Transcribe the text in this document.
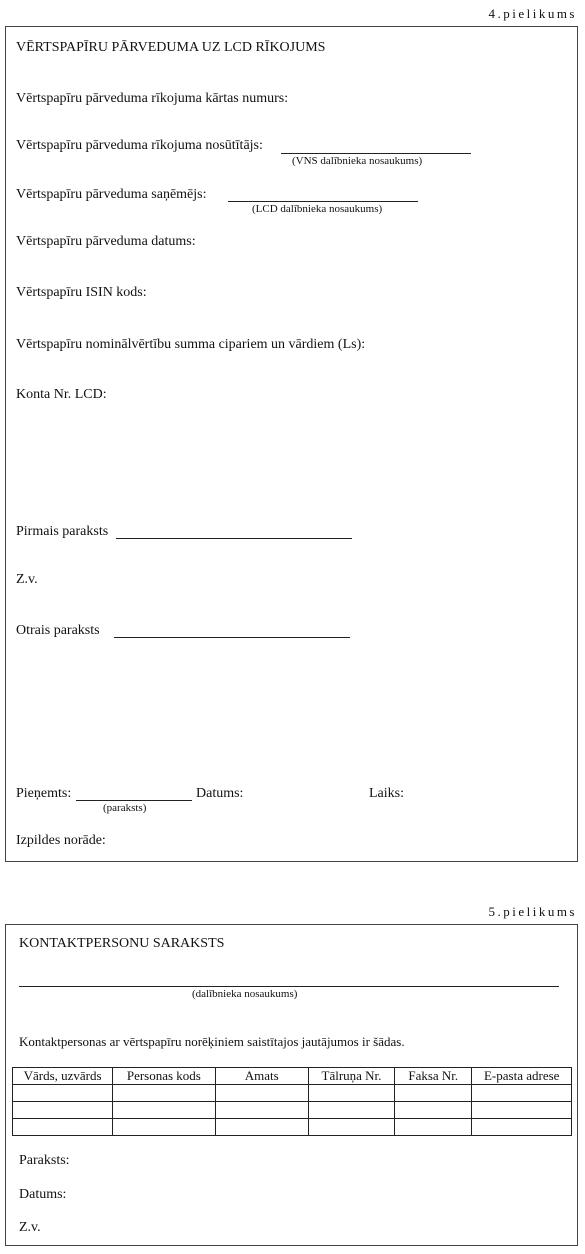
4.pielikums
VĒRTSPAPĪRU PĀRVEDUMA UZ LCD RĪKOJUMS
Vērtspapīru pārveduma rīkojuma kārtas numurs:
Vērtspapīru pārveduma rīkojuma nosūtītājs:
(VNS dalībnieka nosaukums)
Vērtspapīru pārveduma saņēmējs:
(LCD dalībnieka nosaukums)
Vērtspapīru pārveduma datums:
Vērtspapīru ISIN kods:
Vērtspapīru nominālvērtību summa cipariem un vārdiem (Ls):
Konta Nr. LCD:
Pirmais paraksts
Z.v.
Otrais paraksts
Pieņemts:
(paraksts)
Datums:	Laiks:
Izpildes norāde:
5.pielikums
KONTAKTPERSONU SARAKSTS
(dalībnieka nosaukums)
Kontaktpersonas ar vērtspapīru norēķiniem saistītajos jautājumos ir šādas.
Vārds, uzvārds	Personas kods	Amats	Tālruņa Nr.	Faksa Nr.	E-pasta adrese

Paraksts:
Datums:
Z.v.
